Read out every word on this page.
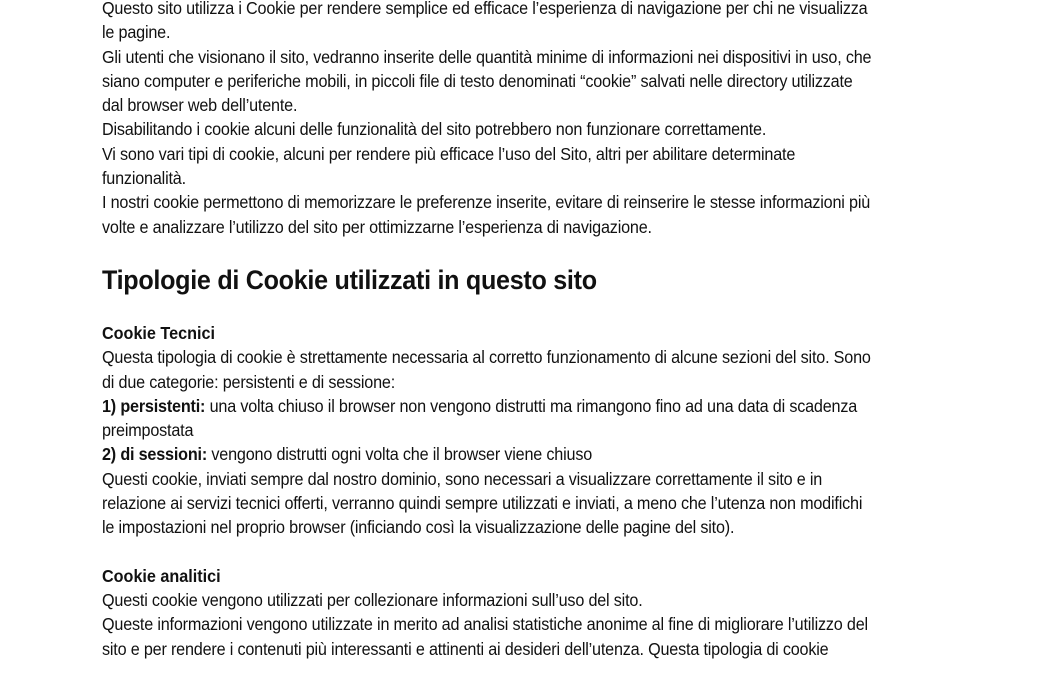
Questo sito utilizza i Cookie per rendere semplice ed efficace l’esperienza di navigazione per chi ne visualizza
le pagine.
Gli utenti che visionano il sito, vedranno inserite delle quantità minime di informazioni nei dispositivi in uso, che
siano computer e periferiche mobili, in piccoli file di testo denominati “cookie” salvati nelle directory utilizzate
dal browser web dell’utente.
Disabilitando i cookie alcuni delle funzionalità del sito potrebbero non funzionare correttamente.
Vi sono vari tipi di cookie, alcuni per rendere più efficace l’uso del Sito, altri per abilitare determinate
funzionalità.
I nostri cookie permettono di memorizzare le preferenze inserite, evitare di reinserire le stesse informazioni più
volte e analizzare l’utilizzo del sito per ottimizzarne l’esperienza di navigazione.
Tipologie di Cookie utilizzati in questo sito
Cookie Tecnici
Questa tipologia di cookie è strettamente necessaria al corretto funzionamento di alcune sezioni del sito. Sono
di due categorie: persistenti e di sessione:
1) persistenti: una volta chiuso il browser non vengono distrutti ma rimangono fino ad una data di scadenza
preimpostata
2) di sessioni: vengono distrutti ogni volta che il browser viene chiuso
Questi cookie, inviati sempre dal nostro dominio, sono necessari a visualizzare correttamente il sito e in
relazione ai servizi tecnici offerti, verranno quindi sempre utilizzati e inviati, a meno che l’utenza non modifichi
le impostazioni nel proprio browser (inficiando così la visualizzazione delle pagine del sito).
Cookie analitici
Questi cookie vengono utilizzati per collezionare informazioni sull’uso del sito.
Queste informazioni vengono utilizzate in merito ad analisi statistiche anonime al fine di migliorare l’utilizzo del
sito e per rendere i contenuti più interessanti e attinenti ai desideri dell’utenza. Questa tipologia di cookie
